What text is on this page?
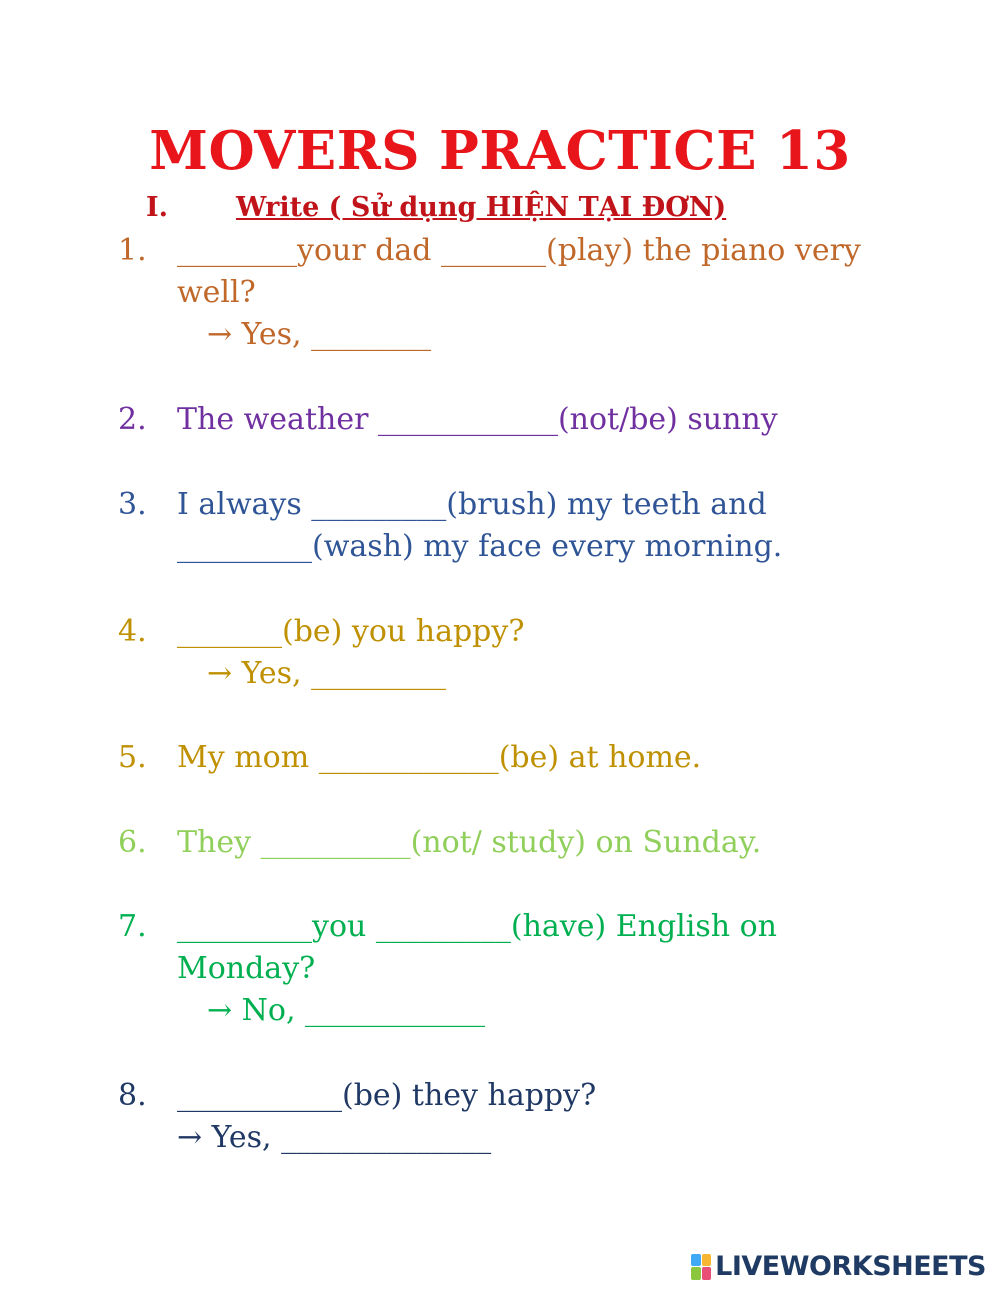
MOVERS PRACTICE 13
I.	Write ( Sử dụng HIỆN TẠI ĐƠN)
1. ________your dad _______(play) the piano very well?
→ Yes, ________
2. The weather ____________(not/be) sunny
3. I always _________(brush) my teeth and _________(wash) my face every morning.
4. _______(be) you happy?
→ Yes, _________
5. My mom ____________(be) at home.
6. They __________(not/ study) on Sunday.
7. _________you _________(have) English on Monday?
→ No, ____________
8. ___________(be) they happy?
→ Yes, ______________
LIVEWORKSHEETS
